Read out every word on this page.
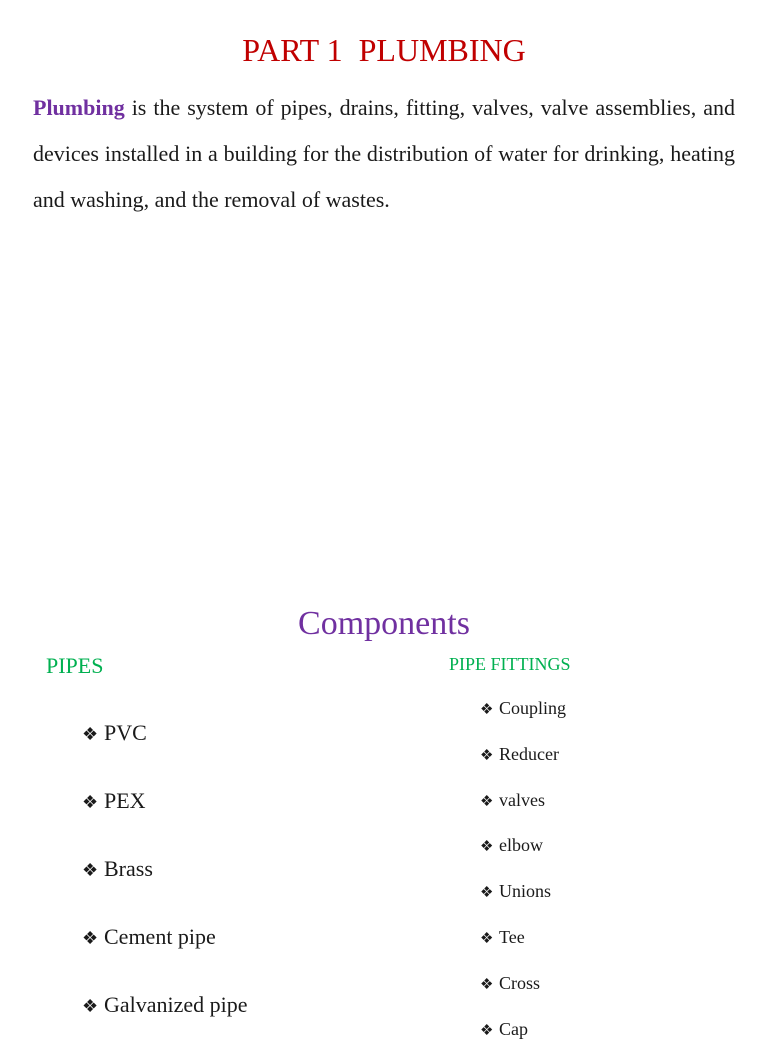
PART 1  PLUMBING

Plumbing is the system of pipes, drains, fitting, valves, valve assemblies, and devices installed in a building for the distribution of water for drinking, heating and washing, and the removal of wastes.

Components
PIPES	PIPE FITTINGS
❖ PVC
❖ PEX
❖ Brass
❖ Cement pipe
❖ Galvanized pipe
❖ Coupling
❖ Reducer
❖ valves
❖ elbow
❖ Unions
❖ Tee
❖ Cross
❖ Cap
